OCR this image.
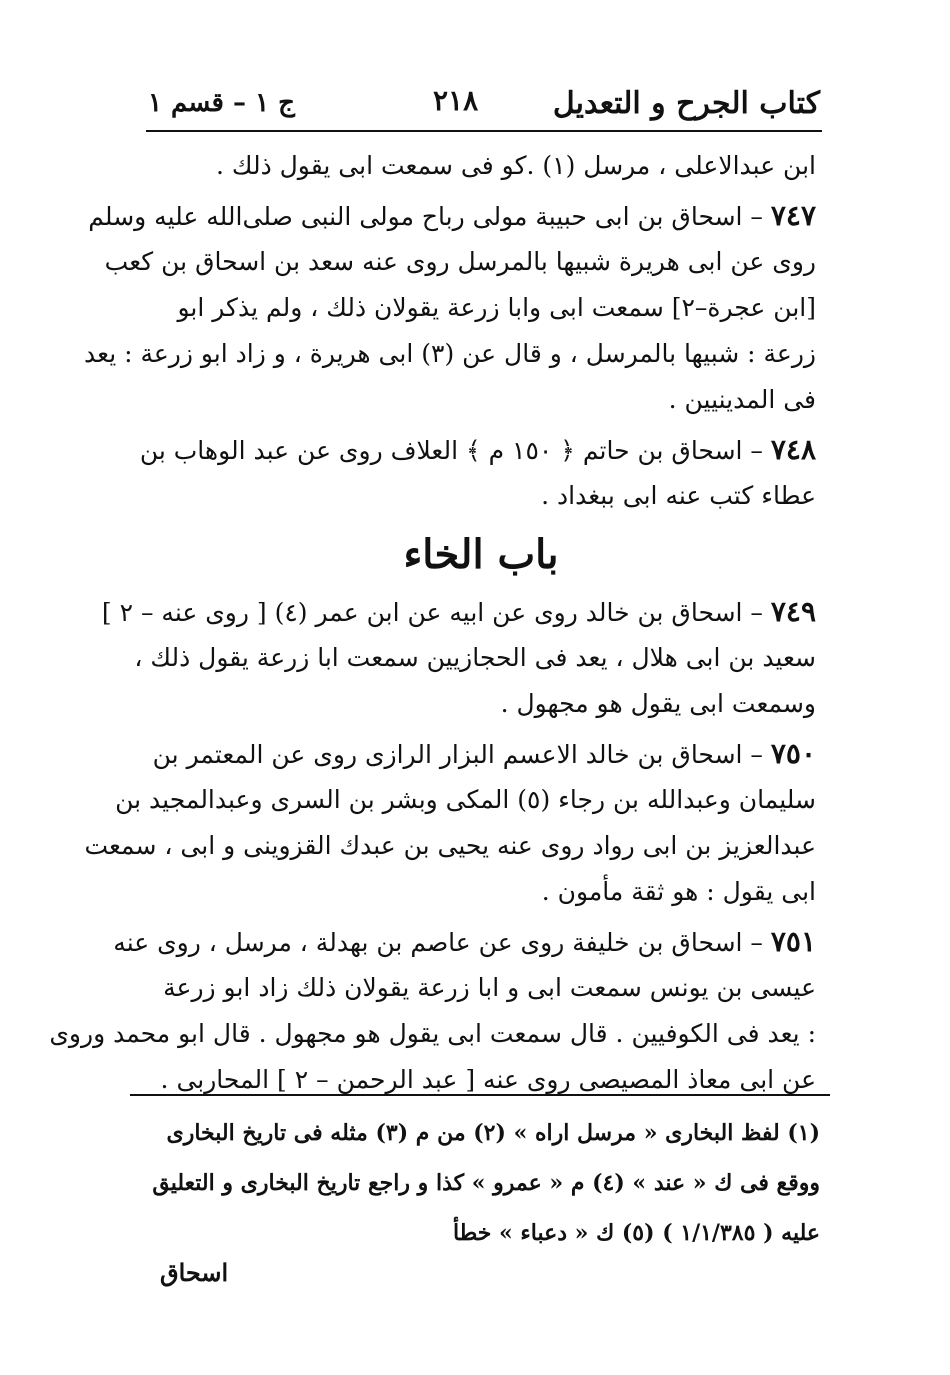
كتاب الجرح و التعديل
ج ١ – قسم ١	٢١٨
ابن عبدالاعلى ، مرسل (١) .كو فى سمعت ابى يقول ذلك .
٧٤٧ – اسحاق بن ابى حبيبة مولى رباح مولى النبى صلى‌الله عليه وسلم
روى عن ابى هريرة شبيها بالمرسل روى عنه سعد بن اسحاق بن كعب
[ابن عجرة–٢] سمعت ابى وابا زرعة يقولان ذلك ، ولم يذكر ابو
زرعة : شبيها بالمرسل ، و قال عن (٣) ابى هريرة ، و زاد ابو زرعة : يعد
فى المدينيين .
٧٤٨ – اسحاق بن حاتم ﴿ ١٥٠ م ﴾ العلاف روى عن عبد الوهاب بن
عطاء كتب عنه ابى ببغداد .
باب الخاء
٧٤٩ – اسحاق بن خالد روى عن ابيه عن ابن عمر (٤) [ روى عنه – ٢ ]
سعيد بن ابى هلال ، يعد فى الحجازيين سمعت ابا زرعة يقول ذلك ،
وسمعت ابى يقول هو مجهول .
٧٥٠ – اسحاق بن خالد الاعسم البزار الرازى روى عن المعتمر بن
سليمان وعبدالله بن رجاء (٥) المكى وبشر بن السرى وعبدالمجيد بن
عبدالعزيز بن ابى رواد روى عنه يحيى بن عبدك القزوينى و ابى ، سمعت
ابى يقول : هو ثقة مأمون .
٧٥١ – اسحاق بن خليفة روى عن عاصم بن بهدلة ، مرسل ، روى عنه
عيسى بن يونس سمعت ابى و ابا زرعة يقولان ذلك زاد ابو زرعة
: يعد فى الكوفيين . قال سمعت ابى يقول هو مجهول . قال ابو محمد وروى
عن ابى معاذ المصيصى روى عنه [ عبد الرحمن – ٢ ] المحاربى .
(١) لفظ البخارى « مرسل اراه » (٢) من م (٣) مثله فى تاريخ البخارى
ووقع فى ك « عند » (٤) م « عمرو » كذا و راجع تاريخ البخارى و التعليق
عليه ( ١/١/٣٨٥ ) (٥) ك « دعباء » خطأ
اسحاق
